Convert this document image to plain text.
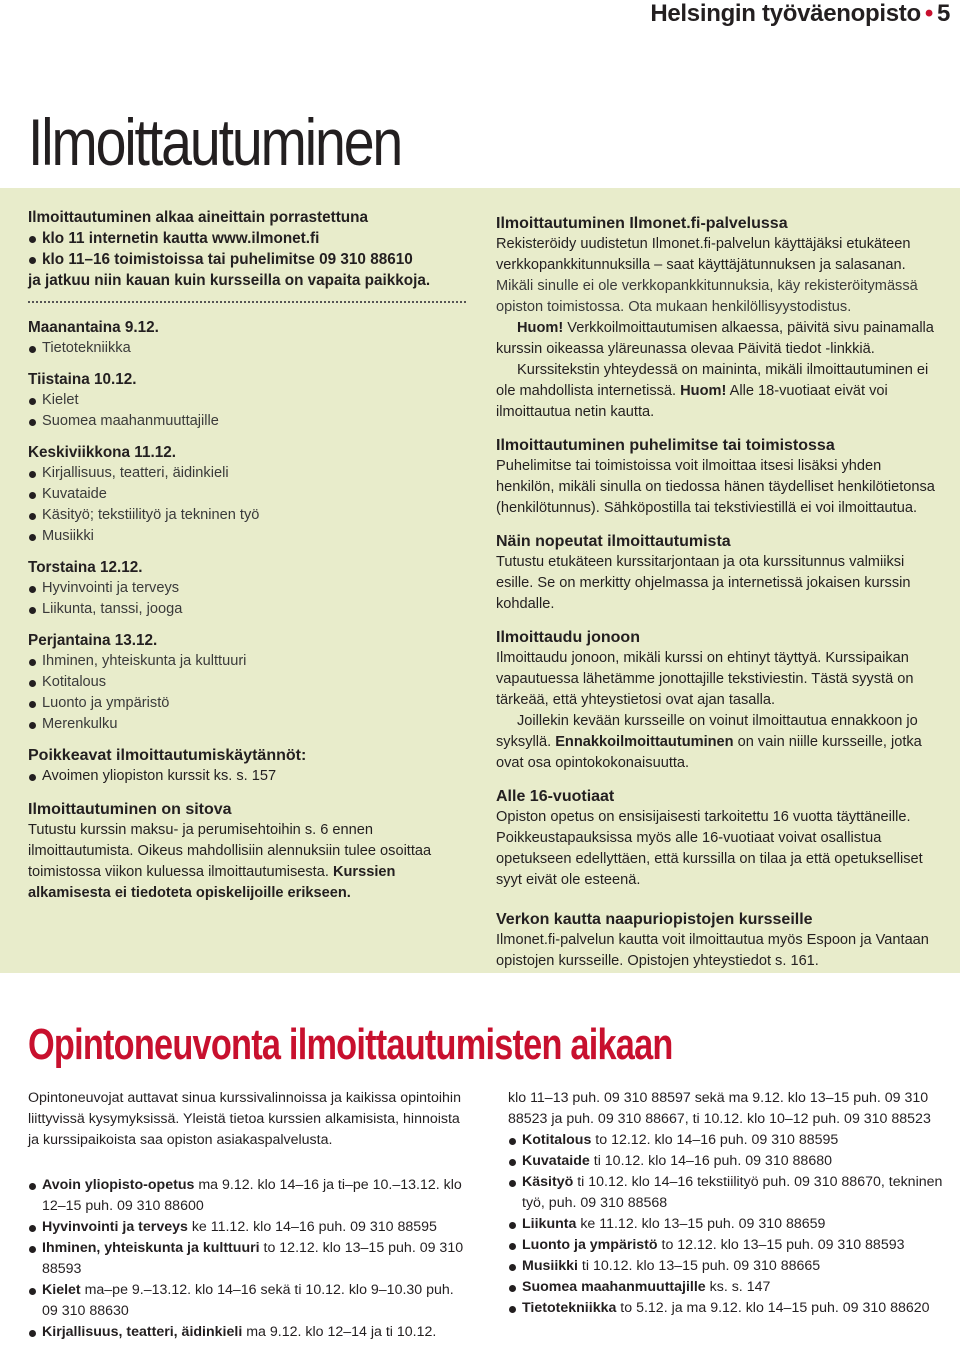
Helsingin työväenopisto • 5
Ilmoittautuminen

Ilmoittautuminen alkaa aineittain porrastettuna

klo 11 internetin kautta www.ilmonet.fi

klo 11–16 toimistoissa tai puhelimitse 09 310 88610

ja jatkuu niin kauan kuin kursseilla on vapaita paikkoja.

Maanantaina 9.12.

Tietotekniikka

Tiistaina 10.12.

Kielet

Suomea maahanmuuttajille

Keskiviikkona 11.12.

Kirjallisuus, teatteri, äidinkieli

Kuvataide

Käsityö; tekstiilityö ja tekninen työ

Musiikki

Torstaina 12.12.

Hyvinvointi ja terveys

Liikunta, tanssi, jooga

Perjantaina 13.12.

Ihminen, yhteiskunta ja kulttuuri

Kotitalous

Luonto ja ympäristö

Merenkulku

Poikkeavat ilmoittautumiskäytännöt:

Avoimen yliopiston kurssit ks. s. 157

Ilmoittautuminen on sitova

Tutustu kurssin maksu- ja perumisehtoihin s. 6 ennen ilmoittautumista. Oikeus mahdollisiin alennuksiin tulee osoittaa toimistossa viikon kuluessa ilmoittautumisesta. Kurssien alkamisesta ei tiedoteta opiskelijoille erikseen.

Ilmoittautuminen Ilmonet.fi-palvelussa

Rekisteröidy uudistetun Ilmonet.fi-palvelun käyttäjäksi etukäteen verkkopankkitunnuksilla – saat käyttäjätunnuksen ja salasanan.

Mikäli sinulle ei ole verkkopankkitunnuksia, käy rekisteröitymässä opiston toimistossa. Ota mukaan henkilöllisyystodistus.

Huom! Verkkoilmoittautumisen alkaessa, päivitä sivu painamalla kurssin oikeassa yläreunassa olevaa Päivitä tiedot -linkkiä.

Kurssitekstin yhteydessä on maininta, mikäli ilmoittautuminen ei ole mahdollista internetissä. Huom! Alle 18-vuotiaat eivät voi ilmoittautua netin kautta.

Ilmoittautuminen puhelimitse tai toimistossa

Puhelimitse tai toimistoissa voit ilmoittaa itsesi lisäksi yhden henkilön, mikäli sinulla on tiedossa hänen täydelliset henkilötietonsa (henkilötunnus). Sähköpostilla tai tekstiviestillä ei voi ilmoittautua.

Näin nopeutat ilmoittautumista

Tutustu etukäteen kurssitarjontaan ja ota kurssitunnus valmiiksi esille. Se on merkitty ohjelmassa ja internetissä jokaisen kurssin kohdalle.

Ilmoittaudu jonoon

Ilmoittaudu jonoon, mikäli kurssi on ehtinyt täyttyä. Kurssipaikan vapautuessa lähetämme jonottajille tekstiviestin. Tästä syystä on tärkeää, että yhteystietosi ovat ajan tasalla.

Joillekin kevään kursseille on voinut ilmoittautua ennakkoon jo syksyllä. Ennakkoilmoittautuminen on vain niille kursseille, jotka ovat osa opintokokonaisuutta.

Alle 16-vuotiaat

Opiston opetus on ensisijaisesti tarkoitettu 16 vuotta täyttäneille. Poikkeustapauksissa myös alle 16-vuotiaat voivat osallistua opetukseen edellyttäen, että kurssilla on tilaa ja että opetukselliset syyt eivät ole esteenä.

Verkon kautta naapuriopistojen kursseille

Ilmonet.fi-palvelun kautta voit ilmoittautua myös Espoon ja Vantaan opistojen kursseille. Opistojen yhteystiedot s. 161.

Opintoneuvonta ilmoittautumisten aikaan

Opintoneuvojat auttavat sinua kurssivalinnoissa ja kaikissa opintoihin liittyvissä kysymyksissä. Yleistä tietoa kurssien alkamisista, hinnoista ja kurssipaikoista saa opiston asiakaspalvelusta.

Avoin yliopisto-opetus ma 9.12. klo 14–16 ja ti–pe 10.–13.12. klo 12–15 puh. 09 310 88600

Hyvinvointi ja terveys ke 11.12. klo 14–16 puh. 09 310 88595

Ihminen, yhteiskunta ja kulttuuri to 12.12. klo 13–15 puh. 09 310 88593

Kielet ma–pe 9.–13.12. klo 14–16 sekä ti 10.12. klo 9–10.30 puh. 09 310 88630

Kirjallisuus, teatteri, äidinkieli ma 9.12. klo 12–14 ja ti 10.12.

klo 11–13 puh. 09 310 88597 sekä ma 9.12. klo 13–15 puh. 09 310 88523 ja puh. 09 310 88667, ti 10.12. klo 10–12 puh. 09 310 88523

Kotitalous to 12.12. klo 14–16 puh. 09 310 88595

Kuvataide ti 10.12. klo 14–16 puh. 09 310 88680

Käsityö ti 10.12. klo 14–16 tekstiilityö puh. 09 310 88670, tekninen työ, puh. 09 310 88568

Liikunta ke 11.12. klo 13–15 puh. 09 310 88659

Luonto ja ympäristö to 12.12. klo 13–15 puh. 09 310 88593

Musiikki ti 10.12. klo 13–15 puh. 09 310 88665

Suomea maahanmuuttajille ks. s. 147

Tietotekniikka to 5.12. ja ma 9.12. klo 14–15 puh. 09 310 88620
